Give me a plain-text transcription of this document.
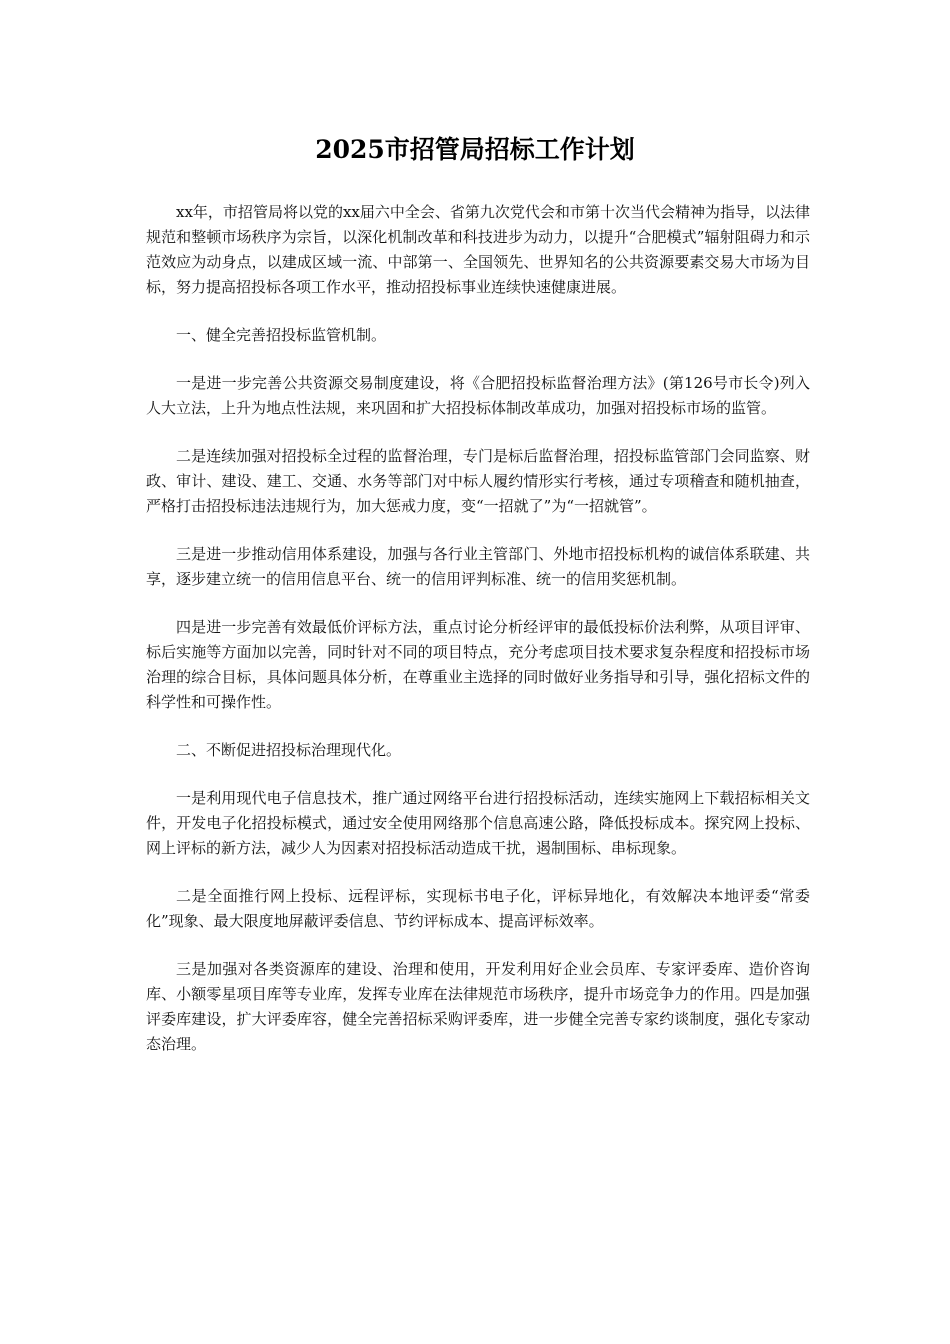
2025市招管局招标工作计划

xx年，市招管局将以党的xx届六中全会、省第九次党代会和市第十次当代会精神为指导，以法律规范和整顿市场秩序为宗旨，以深化机制改革和科技进步为动力，以提升“合肥模式”辐射阻碍力和示范效应为动身点，以建成区域一流、中部第一、全国领先、世界知名的公共资源要素交易大市场为目标，努力提高招投标各项工作水平，推动招投标事业连续快速健康进展。

一、健全完善招投标监管机制。

一是进一步完善公共资源交易制度建设，将《合肥招投标监督治理方法》(第126号市长令)列入人大立法，上升为地点性法规，来巩固和扩大招投标体制改革成功，加强对招投标市场的监管。

二是连续加强对招投标全过程的监督治理，专门是标后监督治理，招投标监管部门会同监察、财政、审计、建设、建工、交通、水务等部门对中标人履约情形实行考核，通过专项稽查和随机抽查，严格打击招投标违法违规行为，加大惩戒力度，变“一招就了”为“一招就管”。

三是进一步推动信用体系建设，加强与各行业主管部门、外地市招投标机构的诚信体系联建、共享，逐步建立统一的信用信息平台、统一的信用评判标准、统一的信用奖惩机制。

四是进一步完善有效最低价评标方法，重点讨论分析经评审的最低投标价法利弊，从项目评审、标后实施等方面加以完善，同时针对不同的项目特点，充分考虑项目技术要求复杂程度和招投标市场治理的综合目标，具体问题具体分析，在尊重业主选择的同时做好业务指导和引导，强化招标文件的科学性和可操作性。

二、不断促进招投标治理现代化。

一是利用现代电子信息技术，推广通过网络平台进行招投标活动，连续实施网上下载招标相关文件，开发电子化招投标模式，通过安全使用网络那个信息高速公路，降低投标成本。探究网上投标、网上评标的新方法，减少人为因素对招投标活动造成干扰，遏制围标、串标现象。

二是全面推行网上投标、远程评标，实现标书电子化，评标异地化，有效解决本地评委“常委化”现象、最大限度地屏蔽评委信息、节约评标成本、提高评标效率。

三是加强对各类资源库的建设、治理和使用，开发利用好企业会员库、专家评委库、造价咨询库、小额零星项目库等专业库，发挥专业库在法律规范市场秩序，提升市场竞争力的作用。四是加强评委库建设，扩大评委库容，健全完善招标采购评委库，进一步健全完善专家约谈制度，强化专家动态治理。
